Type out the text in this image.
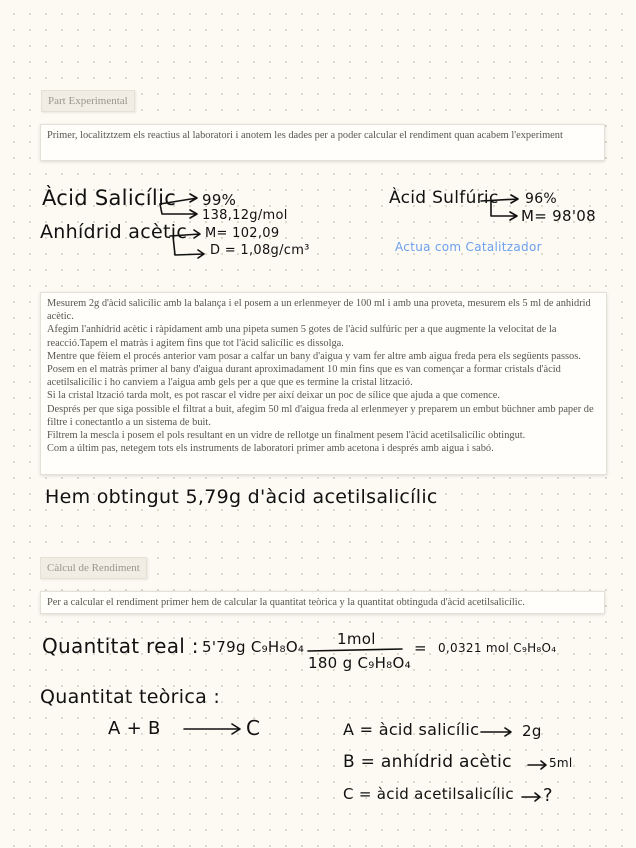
Part Experimental

Primer, localitztzem els reactius al laboratori i anotem les dades per a poder calcular el rendiment quan acabem l'experiment

Àcid Salicílic 99%
138,12g/mol
Anhídrid acètic M= 102,09
D = 1,08g/cm³
Àcid Sulfúric 96%
M= 98'08
Actua com Catalitzador

Mesurem 2g d'àcid salicílic amb la balança i el posem a un erlenmeyer de 100 ml i amb una proveta, mesurem els 5 ml de anhidrid acètic.

Afegim l'anhídrid acètic i ràpidament amb una pipeta sumen 5 gotes de l'àcid sulfúric per a que augmente la velocitat de la reacció.Tapem el matràs i agitem fins que tot l'àcid salicílic es dissolga.

Mentre que fèiem el procés anterior vam posar a calfar un bany d'aigua y vam fer altre amb aigua freda pera els següents passos.

Posem en el matràs primer al bany d'aigua durant aproximadament 10 min fins que es van començar a formar cristals d'àcid acetilsalicílic i ho canviem a l'aigua amb gels per a que que es termine la cristal lització.

Si la cristal ltzació tarda molt, es pot rascar el vidre per així deixar un poc de sílice que ajuda a que comence.

Després per que siga possible el filtrat a buit, afegim 50 ml d'aigua freda al erlenmeyer y preparem un embut büchner amb paper de filtre i conectantlo a un sistema de buit.

Filtrem la mescla i posem el pols resultant en un vidre de rellotge un finalment pesem l'àcid acetilsalicílic obtingut.

Com a últim pas, netegem tots els instruments de laboratori primer amb acetona i després amb aigua i sabó.

Hem obtingut 5,79g d'àcid acetilsalicílic
Càlcul de Rendiment

Per a calcular el rendiment primer hem de calcular la quantitat teòrica y la quantitat obtinguda d'àcid acetilsalicílic.

Quantitat real : 5'79g C₉H₈O₄ 1mol
180 g C₉H₈O₄
= 0,0321 mol C₉H₈O₄
Quantitat teòrica :
A + B	C	A = àcid salicílic	2g
B = anhídrid acètic	5ml
C = àcid acetilsalicílic ?
